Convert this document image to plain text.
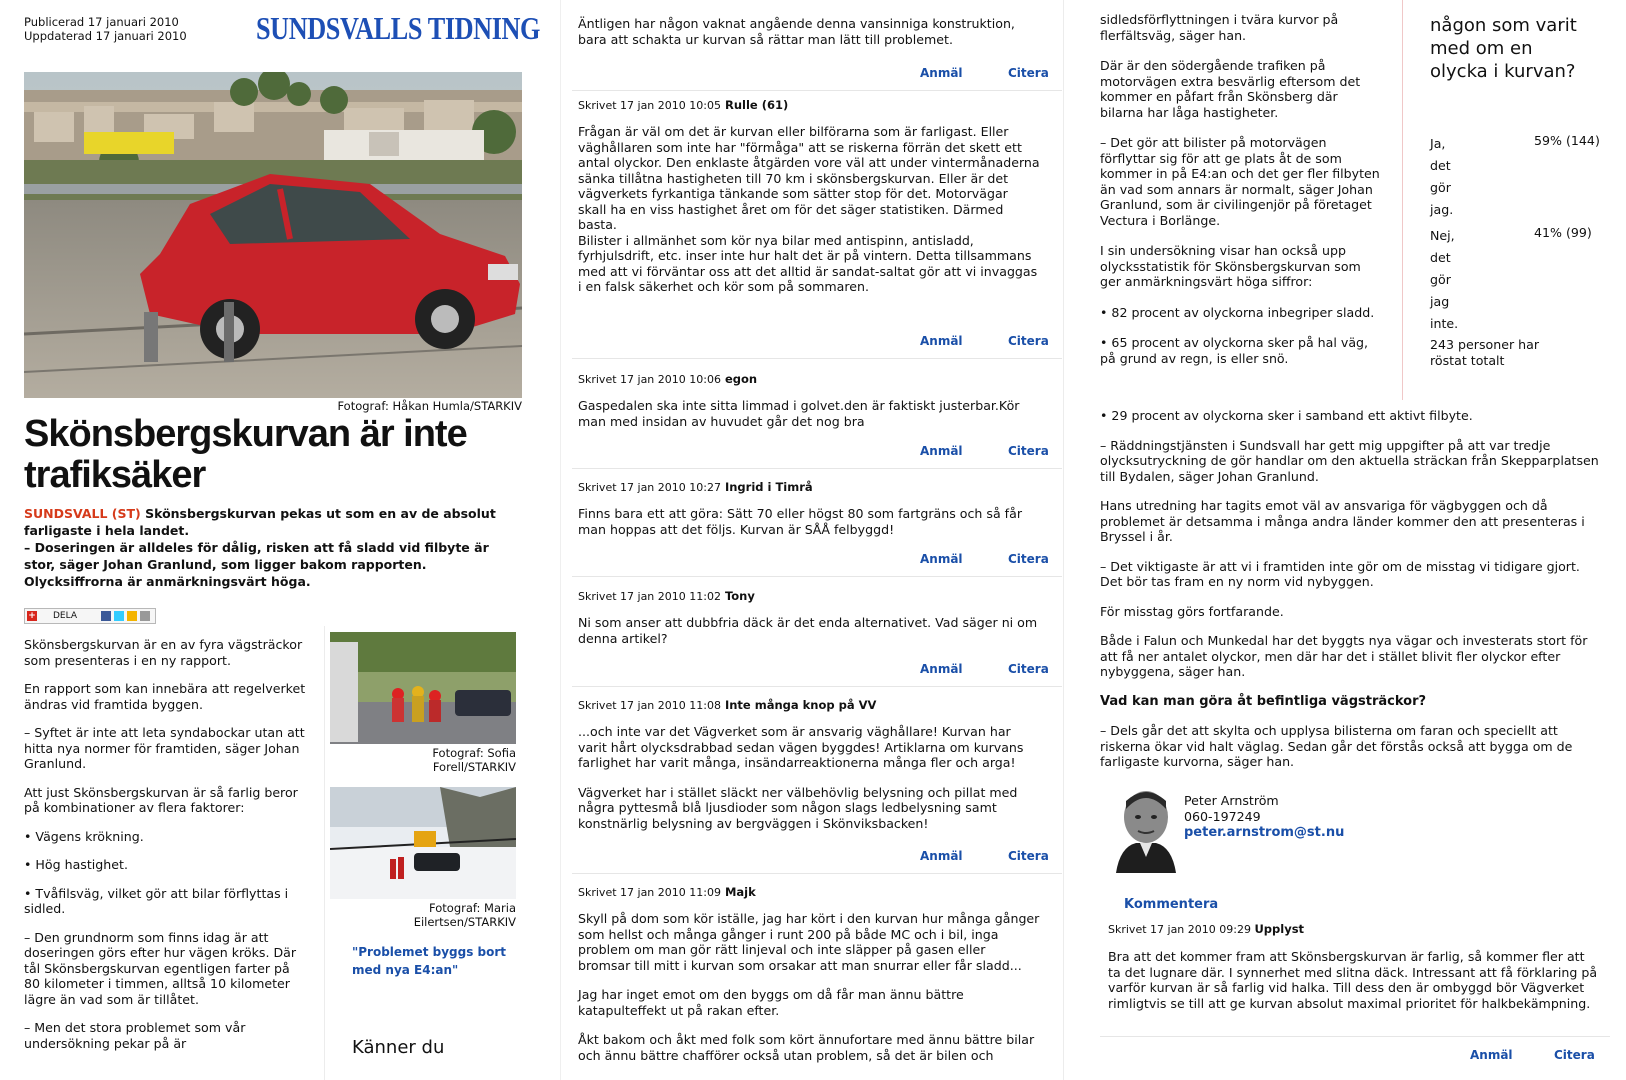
Publicerad 17 januari 2010
Uppdaterad 17 januari 2010 SUNDSVALLS TIDNING
Fotograf: Håkan Humla/STARKIV
Skönsbergskurvan är inte trafiksäker
SUNDSVALL (ST) Skönsbergskurvan pekas ut som en av de absolut farligaste i hela landet.
– Doseringen är alldeles för dålig, risken att få sladd vid filbyte är stor, säger Johan Granlund, som ligger bakom rapporten.
Olycksiffrorna är anmärkningsvärt höga.
+ DELA

Skönsbergskurvan är en av fyra vägsträckor som presenteras i en ny rapport.

En rapport som kan innebära att regelverket ändras vid framtida byggen.

– Syftet är inte att leta syndabockar utan att hitta nya normer för framtiden, säger Johan Granlund.

Att just Skönsbergskurvan är så farlig beror på kombinationer av flera faktorer:

• Vägens krökning.

• Hög hastighet.

• Tvåfilsväg, vilket gör att bilar förflyttas i sidled.

– Den grundnorm som finns idag är att doseringen görs efter hur vägen kröks. Där tål Skönsbergskurvan egentligen farter på 80 kilometer i timmen, alltså 10 kilometer lägre än vad som är tillåtet.

– Men det stora problemet som vår undersökning pekar på är

Fotograf: Sofia Forell/STARKIV
Fotograf: Maria Eilertsen/STARKIV
"Problemet byggs bort med nya E4:an"
Känner du
Äntligen har någon vaknat angående denna vansinniga konstruktion, bara att schakta ur kurvan så rättar man lätt till problemet.
Anmäl	Citera
Skrivet 17 jan 2010 10:05 Rulle (61)

Frågan är väl om det är kurvan eller bilförarna som är farligast. Eller väghållaren som inte har "förmåga" att se riskerna förrän det skett ett antal olyckor. Den enklaste åtgärden vore väl att under vintermånaderna sänka tillåtna hastigheten till 70 km i skönsbergskurvan. Eller är det vägverkets fyrkantiga tänkande som sätter stop för det. Motorvägar skall ha en viss hastighet året om för det säger statistiken. Därmed basta.
Bilister i allmänhet som kör nya bilar med antispinn, antisladd, fyrhjulsdrift, etc. inser inte hur halt det är på vintern. Detta tillsammans med att vi förväntar oss att det alltid är sandat-saltat gör att vi invaggas i en falsk säkerhet och kör som på sommaren.

Anmäl	Citera
Skrivet 17 jan 2010 10:06 egon

Gaspedalen ska inte sitta limmad i golvet.den är faktiskt justerbar.Kör man med insidan av huvudet går det nog bra

Anmäl	Citera
Skrivet 17 jan 2010 10:27 Ingrid i Timrå

Finns bara ett att göra: Sätt 70 eller högst 80 som fartgräns och så får man hoppas att det följs. Kurvan är SÅÅ felbyggd!

Anmäl	Citera
Skrivet 17 jan 2010 11:02 Tony

Ni som anser att dubbfria däck är det enda alternativet. Vad säger ni om denna artikel?

Anmäl	Citera
Skrivet 17 jan 2010 11:08 Inte många knop på VV

...och inte var det Vägverket som är ansvarig väghållare! Kurvan har varit hårt olycksdrabbad sedan vägen byggdes! Artiklarna om kurvans farlighet har varit många, insändarreaktionerna många fler och arga!

Vägverket har i stället släckt ner välbehövlig belysning och pillat med några pyttesmå blå ljusdioder som någon slags ledbelysning samt konstnärlig belysning av bergväggen i Skönviksbacken!

Anmäl	Citera
Skrivet 17 jan 2010 11:09 Majk

Skyll på dom som kör iställe, jag har kört i den kurvan hur många gånger som hellst och många gånger i runt 200 på både MC och i bil, inga problem om man gör rätt linjeval och inte släpper på gasen eller bromsar till mitt i kurvan som orsakar att man snurrar eller får sladd...

Jag har inget emot om den byggs om då får man ännu bättre katapulteffekt ut på rakan efter.

Åkt bakom och åkt med folk som kört ännufortare med ännu bättre bilar och ännu bättre chafförer också utan problem, så det är bilen och

sidledsförflyttningen i tvära kurvor på flerfältsväg, säger han.

Där är den södergående trafiken på motorvägen extra besvärlig eftersom det kommer en påfart från Skönsberg där bilarna har låga hastigheter.

– Det gör att bilister på motorvägen förflyttar sig för att ge plats åt de som kommer in på E4:an och det ger fler filbyten än vad som annars är normalt, säger Johan Granlund, som är civilingenjör på företaget Vectura i Borlänge.

I sin undersökning visar han också upp olycksstatistik för Skönsbergskurvan som ger anmärkningsvärt höga siffror:

• 82 procent av olyckorna inbegriper sladd.

• 65 procent av olyckorna sker på hal väg, på grund av regn, is eller snö.

• 29 procent av olyckorna sker i samband ett aktivt filbyte.

– Räddningstjänsten i Sundsvall har gett mig uppgifter på att var tredje olycksutryckning de gör handlar om den aktuella sträckan från Skepparplatsen till Bydalen, säger Johan Granlund.

Hans utredning har tagits emot väl av ansvariga för vägbyggen och då problemet är detsamma i många andra länder kommer den att presenteras i Bryssel i år.

– Det viktigaste är att vi i framtiden inte gör om de misstag vi tidigare gjort. Det bör tas fram en ny norm vid nybyggen.

För misstag görs fortfarande.

Både i Falun och Munkedal har det byggts nya vägar och investerats stort för att få ner antalet olyckor, men där har det i stället blivit fler olyckor efter nybyggena, säger han.

Vad kan man göra åt befintliga vägsträckor?

– Dels går det att skylta och upplysa bilisterna om faran och speciellt att riskerna ökar vid halt väglag. Sedan går det förstås också att bygga om de farligaste kurvorna, säger han.

Peter Arnström
060-197249
peter.arnstrom@st.nu
Kommentera
Skrivet 17 jan 2010 09:29 Upplyst
Bra att det kommer fram att Skönsbergskurvan är farlig, så kommer fler att ta det lugnare där. I synnerhet med slitna däck. Intressant att få förklaring på varför kurvan är så farlig vid halka. Till dess den är ombyggd bör Vägverket rimligtvis se till att ge kurvan absolut maximal prioritet för halkbekämpning.
Anmäl	Citera
någon som varit med om en olycka i kurvan?
Ja, det gör jag.
59% (144)
Nej, det gör jag inte.
41% (99)
243 personer har röstat totalt
